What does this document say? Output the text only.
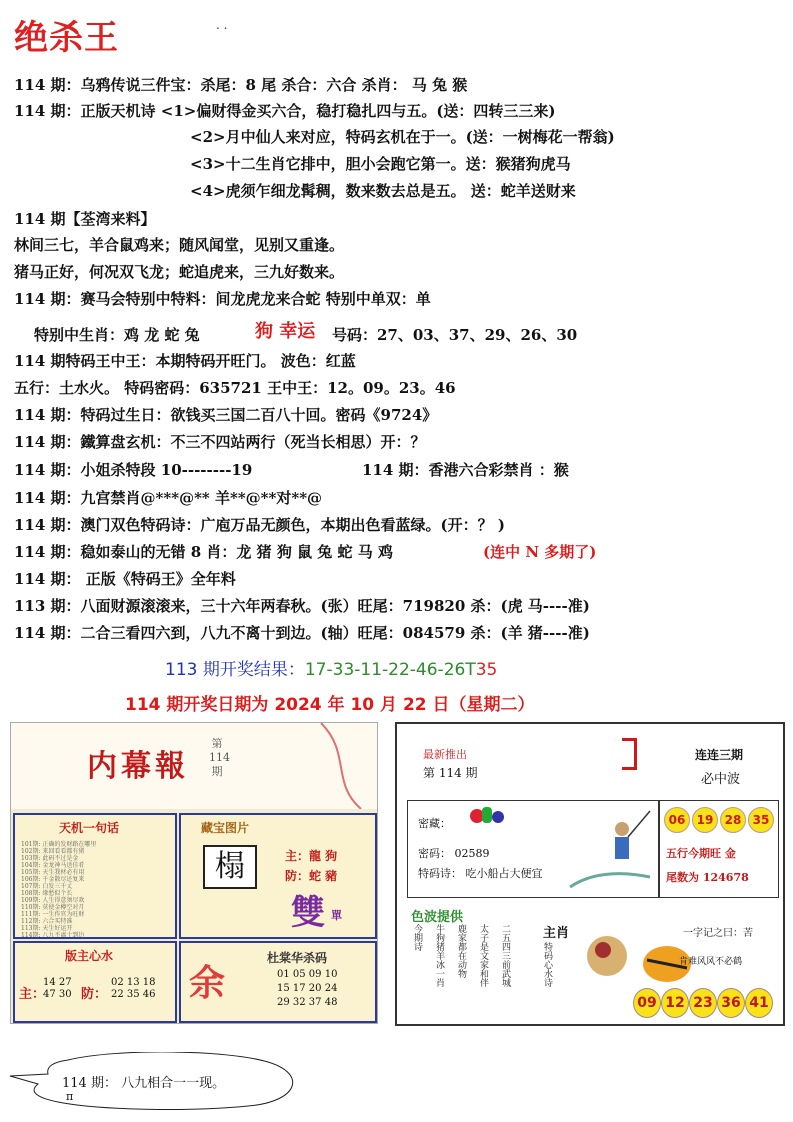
绝杀王	. .
114 期：乌鸦传说三件宝：杀尾：8 尾 杀合：六合 杀肖： 马 兔 猴
114 期：正版天机诗 <1>偏财得金买六合，稳打稳扎四与五。(送：四转三三来)
<2>月中仙人来对应，特码玄机在于一。(送：一树梅花一帮翁)
<3>十二生肖它排中，胆小会跑它第一。送：猴猪狗虎马
<4>虎须乍细龙髯稠，数来数去总是五。 送：蛇羊送财来
114 期【荃湾来料】
林间三七，羊合鼠鸡来；随风闻堂，见别又重逢。
猪马正好，何况双飞龙；蛇追虎来，三九好数来。
114 期：赛马会特别中特料：间龙虎龙来合蛇 特别中单双：单
特别中生肖：鸡 龙 蛇 兔	狗 幸运 号码：27、03、37、29、26、30
114 期特码王中王：本期特码开旺门。 波色：红蓝
五行：土水火。 特码密码：635721 王中王：12。09。23。46
114 期：特码过生日：欲钱买三国二百八十回。密码《9724》
114 期：鐵算盘玄机：不三不四站两行（死当长相思）开：？
114 期：小姐杀特段 10--------19	114 期：香港六合彩禁肖 ：猴
114 期：九宫禁肖@***@** 羊**@**对**@
114 期：澳门双色特码诗：广庖万品无颜色，本期出色看蓝绿。(开：？ )
114 期：稳如泰山的无错 8 肖：龙 猪 狗 鼠 兔 蛇 马 鸡	(连中 N 多期了)
114 期： 正版《特码王》全年料
113 期：八面财源滚滚来，三十六年两春秋。(张）旺尾：719820 杀：(虎 马----准)
114 期：二合三看四六到，八九不离十到边。(轴）旺尾：084579 杀：(羊 猪----准)
113 期开奖结果：17-33-11-22-46-26T35
114 期开奖日期为 2024 年 10 月 22 日（星期二）
内幕報
第 114 期
天机一句话
101期: 正确的发财路在哪里
102期: 来回看看都有猪
103期: 此码不过是金
104期: 金龙神马送佳肴
105期: 天生我材必有用
106期: 千金散尽还复来
107期: 白发三千丈
108期: 缘愁似个长
109期: 人生得意须尽欢
110期: 莫使金樽空对月
111期: 一生作官为旺财
112期: 六合买特准
113期: 天生好运开
114期: 八九不离十到边
藏宝图片
榻	主：龍 狗
防：蛇 豬
雙 單
版主心水
主：
14 27 47 30 防：
02 13 18 22 35 46 余
杜棠华杀码
01 05 09 10
15 17 20 24
29 32 37 48
最新推出
第 114 期
连连三期
必中波
密藏：
密码： 02589
特码诗： 吃小船占大便宜
06 19 28 35
五行今期旺 金
尾数为 124678
色波提供
今期诗 牛狗猪羊冰一肖 鹿家都在动物 太子是文家和伴 二五四三前武城	主肖
特码心水诗
一字记之曰：苦
肯难风风不必鹤
09 12 23 36 41
114 期： 八九相合一一现。
π
